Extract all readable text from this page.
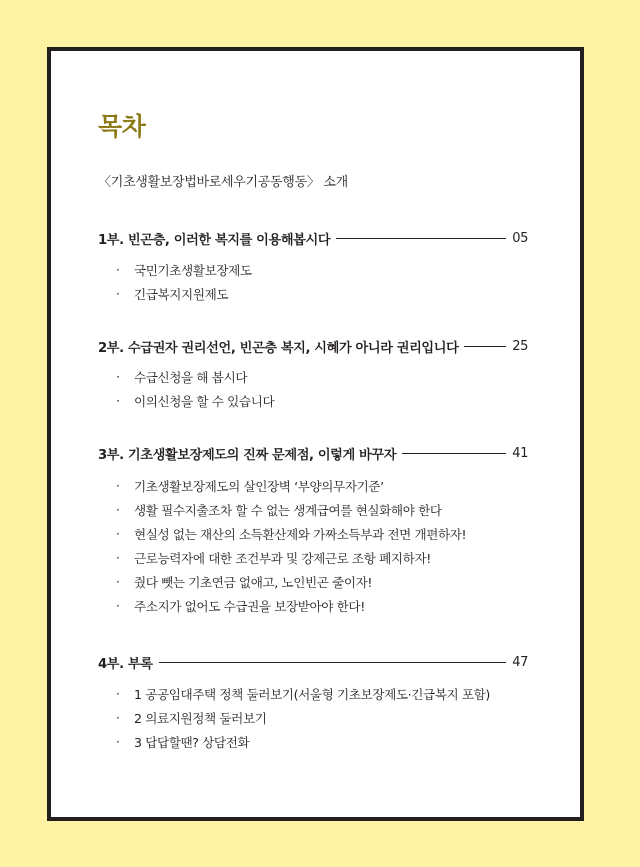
목차
〈기초생활보장법바로세우기공동행동〉 소개
1부. 빈곤층, 이러한 복지를 이용해봅시다	05
·	국민기초생활보장제도
·	긴급복지지원제도
2부. 수급권자 권리선언, 빈곤층 복지, 시혜가 아니라 권리입니다	25
·	수급신청을 해 봅시다
·	이의신청을 할 수 있습니다
3부. 기초생활보장제도의 진짜 문제점, 이렇게 바꾸자	41
·	기초생활보장제도의 살인장벽 ‘부양의무자기준’
·	생활 필수지출조차 할 수 없는 생계급여를 현실화해야 한다
·	현실성 없는 재산의 소득환산제와 가짜소득부과 전면 개편하자!
·	근로능력자에 대한 조건부과 및 강제근로 조항 폐지하자!
·	줬다 뺏는 기초연금 없애고, 노인빈곤 줄이자!
·	주소지가 없어도 수급권을 보장받아야 한다!
4부. 부록	47
·	1 공공임대주택 정책 둘러보기(서울형 기초보장제도·긴급복지 포함)
·	2 의료지원정책 둘러보기
·	3 답답할땐? 상담전화
